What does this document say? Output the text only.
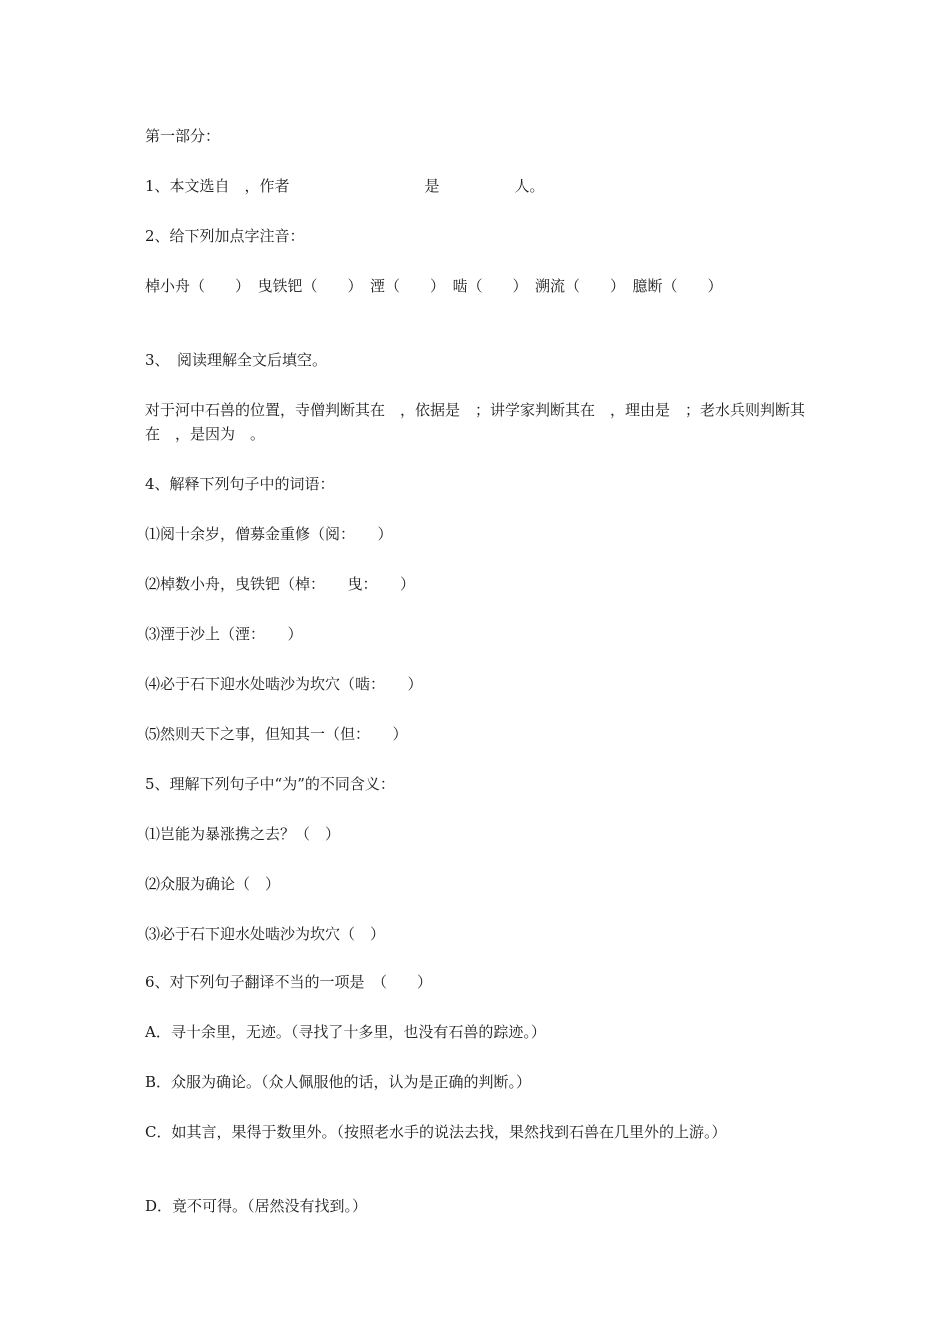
第一部分：
1、本文选自　，作者　　　　　　　　　是　　　　　人。
2、给下列加点字注音：
棹小舟（　　）　曳铁钯（　　）　湮（　　）　啮（　　）　溯流（　　）　臆断（　　）
3、　阅读理解全文后填空。
对于河中石兽的位置，寺僧判断其在　，依据是　；讲学家判断其在　，理由是　；老水兵则判断其在　，是因为　。
4、解释下列句子中的词语：
⑴阅十余岁，僧募金重修（阅：　　）
⑵棹数小舟，曳铁钯（棹：　　曳：　　）
⑶湮于沙上（湮：　　）
⑷必于石下迎水处啮沙为坎穴（啮：　　）
⑸然则天下之事，但知其一（但：　　）
5、理解下列句子中“为”的不同含义：
⑴岂能为暴涨携之去？（　）
⑵众服为确论（　）
⑶必于石下迎水处啮沙为坎穴（　）
6、对下列句子翻译不当的一项是　（　　）
A．寻十余里，无迹。（寻找了十多里，也没有石兽的踪迹。）
B．众服为确论。（众人佩服他的话，认为是正确的判断。）
C．如其言，果得于数里外。（按照老水手的说法去找，果然找到石兽在几里外的上游。）
D．竟不可得。（居然没有找到。）
